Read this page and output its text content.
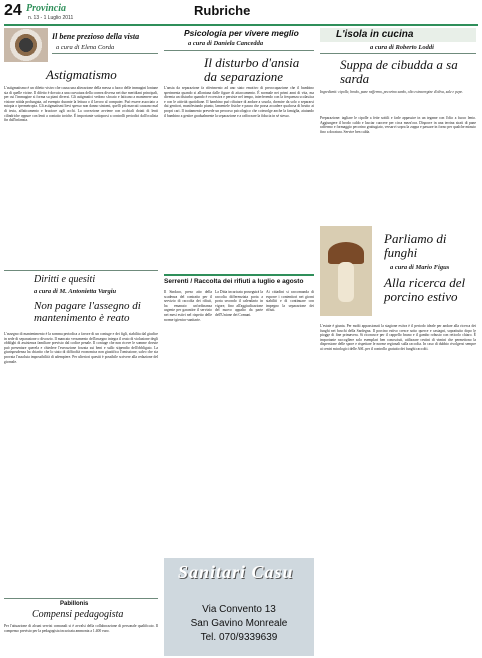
24 Provincia
n. 13 - 1 Luglio 2011	Rubriche
Il bene prezioso della vista
a cura di Elena Corda
Astigmatismo
L'astigmatismo è un difetto visivo che causa una alterazione della messa a fuoco delle immagini lontane sia di quelle vicine. Il difetto è dovuto a una curvatura della cornea diversa nei due meridiani principali, per cui l'immagine si forma su piani diversi. Gli astigmatici vedono sfocato e faticano a mantenere una visione nitida prolungata, ad esempio durante la lettura o il lavoro al computer. Può essere associato a miopia o ipermetropia. Gli astigmatismi lievi spesso non danno sintomi, quelli più marcati causano mal di testa, affaticamento e bruciore agli occhi. La correzione avviene con occhiali dotati di lenti cilindriche oppure con lenti a contatto toriche. È importante sottoporsi a controlli periodici dall'oculista fin dall'infanzia.
Diritti e quesiti
a cura di M. Antonietta Vargiu
Non pagare l'assegno di mantenimento è reato
L'assegno di mantenimento è la somma periodica a favore di un coniuge e dei figli, stabilita dal giudice in sede di separazione o divorzio. Il mancato versamento dell'assegno integra il reato di violazione degli obblighi di assistenza familiare previsto dal codice penale. Il coniuge che non riceve le somme dovute può presentare querela e chiedere l'esecuzione forzata sui beni e sullo stipendio dell'obbligato. La giurisprudenza ha chiarito che lo stato di difficoltà economica non giustifica l'omissione, salvo che sia provata l'assoluta impossibilità di adempiere. Per ulteriori quesiti è possibile scrivere alla redazione del giornale.
Pabillonis
Compensi pedagogista
Per l'attuazione di alcuni servizi comunali si è avvalsi della collaborazione di personale qualificato. Il compenso previsto per la pedagogista incaricata ammonta a 1.400 euro.
Psicologia per vivere meglio
a cura di Daniela Cancedda
Il disturbo d'ansia da separazione
L'ansia da separazione fa riferimento ad uno stato emotivo di preoccupazione che il bambino sperimenta quando si allontana dalle figure di attaccamento. È normale nei primi anni di vita, ma diventa un disturbo quando è eccessiva e persiste nel tempo, interferendo con la frequenza scolastica e con le attività quotidiane. Il bambino può rifiutare di andare a scuola, dormire da solo o separarsi dai genitori, manifestando pianto, lamentele fisiche e paura che possa accadere qualcosa di brutto ai propri cari. Il trattamento prevede un percorso psicologico che coinvolge anche la famiglia, aiutando il bambino a gestire gradualmente la separazione e a rafforzare la fiducia in sé stesso.
Serrenti / Raccolta dei rifiuti a luglio e agosto
Il Sindaco, preso atto della scadenza del contratto per il servizio di raccolta dei rifiuti, ha emanato un'ordinanza urgente per garantire il servizio nei mesi estivi nel rispetto delle norme igienico-sanitarie.
La Ditta incaricata proseguirà la raccolta differenziata porta a porta secondo il calendario in vigore, fino all'aggiudicazione del nuovo appalto da parte dell'Unione dei Comuni.
Ai cittadini si raccomanda di esporre i contenitori nei giorni stabiliti e di continuare con impegno la separazione dei rifiuti.
Sanitari Casu
Via Convento 13
San Gavino Monreale
Tel. 070/9339639
L'isola in cucina
a cura di Roberto Loddi
Suppa de cibudda a sa sarda
Ingredienti: cipolle, brodo, pane raffermo, pecorino sardo, olio extravergine d'oliva, sale e pepe.
Preparazione: tagliare le cipolle a fette sottili e farle appassire in un tegame con l'olio a fuoco lento. Aggiungere il brodo caldo e lasciar cuocere per circa mezz'ora. Disporre in una terrina strati di pane raffermo e formaggio pecorino grattugiato, versarvi sopra la zuppa e passare in forno per qualche minuto fino a doratura. Servire ben calda.
Parliamo di funghi
a cura di Mario Figus
Alla ricerca del porcino estivo
L'estate è giunta. Per molti appassionati la stagione estiva è il periodo ideale per andare alla ricerca dei funghi nei boschi della Sardegna. Il porcino estivo cresce sotto querce e castagni, soprattutto dopo le piogge di fine primavera. Si riconosce per il cappello bruno e il gambo robusto con reticolo chiaro. È importante raccogliere solo esemplari ben conosciuti, utilizzare cestini di vimini che permettono la dispersione delle spore e rispettare le norme regionali sulla raccolta. In caso di dubbio rivolgersi sempre ai centri micologici delle ASL per il controllo gratuito dei funghi raccolti.
